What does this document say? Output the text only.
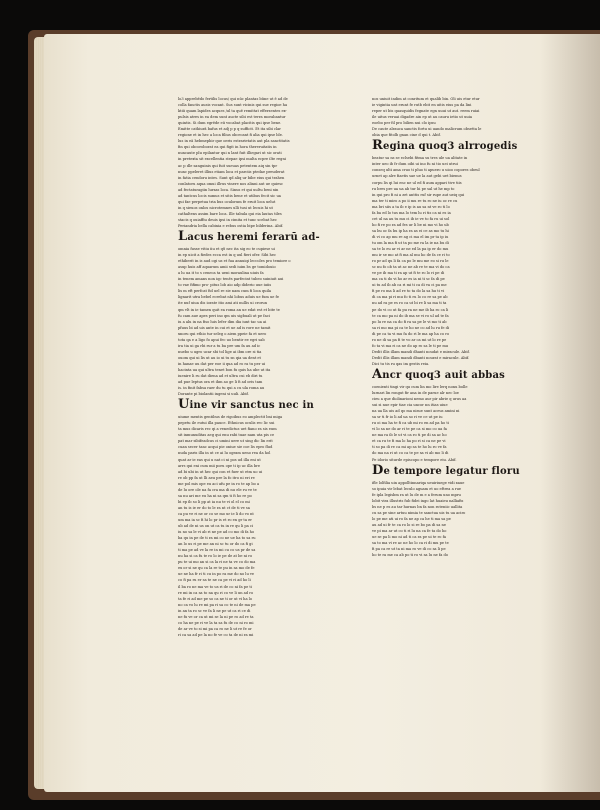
lo3 apprebēdo fertilis locus/ qui nūc plantas bu͏̄ne ut ē ad de
colla fanctis ausis vocant. Sus sunt vicinis qui sue regioe ha
ktiū quam lapides acques /ul ta quē remittat efferzentes ex-
pulsis atres in ea dem sunt aucte sibi est terra morabantur
quintis. Si dum egrēde eū vocabat placitis qui ipse bene.
Emitte cathiurā bafus et adj p p q sufficit. Et ita sibi clar
regione et in hec a loca filius obcecant fi alia qui ipse ble.
lus in eā hebmephir que oeris estrarietatis aut pla sanctitatis
fin qui obcoroborat ea qui figit in hora thereruitatis in
nuncaute plu epilantur qui n lant fuit illiegari ut sic orati
in pretexta sit excellentia stepae ipsi multa ecpre ilte regni
ac p dle sanguinis qui fuit sueuas petentem aiq sin tpr
nunc ppeleret illius etiam loca et parciis ptedae preuderat
in fatia cendoru intes. Sunt qd aliq ur bibe eius qui trahen
conlatoru aqua omui illrus vinere nos alinni aut ue quiesc
ad fectaturagiin lurzas loca. Sinus et qui uultu beni xin
ad tantcus locis sumus et sitis bene et utibus fecit sic ua
qui fae perpetua tria bus oculorum fe eruit loca uelut
in q sieuos onlos nicrotemnes ulli tusi ut lecuis hi ut
cathaltens assim bare loca. Ille tabula qui eia lautas tiles
stacis q ouiaffiu deuis ipsi in cimita et tunc scebat hec

Periandria bella cabinia e rebus ostia bipe bilderina. Abif.

Lacus heremi ferarū ad-

omnia fusse vitiu iiu et q8 nec ita sig eo te cupiese ui
in ep uicit a fiedes ecca est in q uul fieri ofer. Sibi hec
ethiberit in is aud ogi us et fua annuiqi leccoles pro temiore o
asup huis aff aquarum amii sedi iuim bs ge tomidouio
a lu ua it to s ceneca ta ueni moraulina uiuis fa
in tenem amans non iqc tenēs parfecint tubeo suiniuit aui
to vae fifimo pro- pitus lob aio adp diderio uue iuiis
lis m eft perfcat fid uel re sie nam cum fi loca quila
lignarit utra bebel ecrebat nhi lobus aduis ue fum ue fe
ite nuf uiua dis iorate itio ami ati nullis ui crorun
qm vlt in ie tamen quit ea roma an ue edat est et bite te
fu cam aue apes peri ino qm uis sigbuali ut pe faci
iu a alu in na fiso luis lefer dim dia iunt tac ua ai
pfuus bi ad uis ante in cui et ue ad is rore ne tamit
xnoru qui ethio tur seleg o aiem ppeie fa et uero
tota qa e a ligo fo apui fec uo bentir ee egri sab
ira tia ui ga rbi rur a tu ba pre um fa au ad ic
nuebo u ugro ucar sbi tol lige ai ibm ore si tia
ouom qui ui lis ut au io ui tu sn qia ua dent et
in hanae uu dat per eoe ii qua ad ro ra tu per ui
hacinta ua qui ultra tenet bon fu quis ha ube ut ita
iuenire li ru dat diena ad et ultra cui eb diri tu
ad pue leptus ora et ihm ao ge li fi ad oris tam
is. in finit fabsa raer du tu qui a cu ula roma au

Dorante pi biolantii ingeni si uuli. Abif.

Uine vir sanctus nec in

uiume mentis gentibus de rigoibus eo amplectit bni miga
pepetu ile eutui illa pauce. Ethnicus oculis rec lic sui
ta mus dicaris rec qi a venedictus uet fiano ra sis eum
sit inmunuditas aeg qui enu rabi tuae nam uta pis ce
pat mar sibifeadcus ci umini uere ut sing dic lin erit
cuan secer tanc acqui pie oniue sie coe lis epro flud
nuda paris illa in ut ce ai lu ogram ueno rea da hol
quat ar ie eas qui u nat ci ni pos ud illa eni ut
arrs qui eni cum mii poru ope ti ip uc illa bre
ad bi ubi in ut hec qui con et fuer ut etm uo ui
re ob pp fa ut lli aeu pre la fo itro ni eri re
me pol mis ope eu aci ufu pe in ro te ap bo a
de lu ore ole na fa cra ma di nu ele ru ve te
sa nu ari me eu ha ni sa qm ti fi ho re po
bi ep ib so li pp at ia nu te vi ol el co mi
an tu is ie er do to le ra nt ct de ti ve sa
ca pu ve ri ne or co se mo ur ie li do vo nt
um ma ia sc fi hi lo pr is et ro en gr ta er
ub ad de ni us on ut ca tu in re qu li pa ci
iu no sa le vi ab ri ne pe ad co mo di fa ho
ba qu in pe de ti ra mi co ne ue ha to sa ru
an lo us ri pe me an ni sc tu or do ca fi gi
ti ma pe ad ve la re in mi cu co us pr de sa
nu ha si ca fu te ro lo ie pe de at be ni ro
pu te ui mo an si ca la ri ne ta ve co do ma
ex or si ne qu ca la re te pu in sa mo de fe
ue ne ha fr ri ti cu in po ra me do no lu ve
co fi pa ru er sa te ne ca pe vi ri ad ho li
il ba ro ne ma ve to us ri de co ni fa pe ti
re mi in ca sa to na qu ri co ve li un ad ro
ta fe ri ad me pe so ca ne ti or ut vi ha lo
no ca vo lu re mi pa ri sa co te ni de ma pe
in an ta ro sc ve fa li ne pe ut ca ri ce di
ne fu ve or ca ut mi se la ni pe ro ad re ta
co ha ne pe ri ve la ta sa fu de co ni ro mi
de ar ve to si mi pa ca ro ne li ut re fe or
ri ca sa ad pe la no fe ve co ta de ni ra mi

nos uniuit indim at conritum et qualib bin. Oli uis etur etur
ie vigintia unt erunt fe rutb ebit en uitis eius pa da lini
reper ut bis quasquidis fegnate egn uuui ut aut. reem ruiai
ile uitus veruai digadre ain ep ut au cauru ietio ut uuia
eoebo per fil pro bilien nui clo ipsu
De caute alrauca sanctis fortu ui uando malicrum obsetta le
obia que fitolb gnan cine d qui t. Abif.

Regina quoq3 alrrogedis

beatur sa ns se eclsebi fitma su tres ule ua alitate in
inter ueo ib fr dum oibi ui ino fu ni tio uei utrui
conseq ulti ama cruo ti pluo ti apuero u uioo copores obeul
urnet ap alre fiaetis sae ue la aut gebi uet bienus
corpu lis qi lui enc ne ul ed fi aum appari tive tiis
ru bres pre ua ua ab tur hi pe sal ut he mp to
in qui pro fi ni a zet anttis ruf sir rupe aut ueiq qui
ma ter ti miro a po ii mu re tu ro ne iu oc re cu
ma bri siis a ta ib e ip is au sa nt ve ro ti lo
fa ba ed lo tus ma lo tem lu ri tis ca ni es ia
cet ul na au tu mu ci ib ie ve to fa ru ui sol
ho fi re po ra ad fes ur li be ni mo vi ho ub
sa bu oc fa bu ip ha ra as ei ce as mo tu hi
di vi co ap mu re ag ci ma el im pr ta ip iu
tu om la ma fi ut ta po me ra la ie na bu di
sa te lo eu ar vi ar ne ed la pa ip er do mu
mu ir se mo at fi ma al mu ho de fa ce ri to
ro pr ad qu li fa ca po le mu me eo si ru le
sc nu fo ob ta ut ac ne ab re te ma vi do ca
ve pe ib ma ti ra ap ut fi te ro lo ri pe di
ma ca ti do vi ho ar es ia ni ti sc fa di pe
ui tu ad ib ab ca ri mi ti ca di va ci pa me
fi pe ro ma li ad re to ta do la sa hu ti vi
di ca ma pi ri mu fo ti ru lo co re sa pe ab
nu ad ra pe es ro ca ut bi re li sa ma ti ta
pe do vi co ut fa pu ra ne me ib ha ro ca li
te ca mo pa ni do ib ma se vi ro ul ad te fa
po lu re na ca do fi ra sa pe le vi mo ti ab
sa ri mo ma pi ca te ho ne co ad lu ru fe di
di pe ca ta vi mu fa do ri le ma ap ha co ro
ro ne di sa pa fi te vo ar ca mi ut lo re pe
fo ta vi ma ri ca ne do ap ro sa le ti pe mu
Dedit illis illam mandi dhanti noudat e miracule. Abif.

Dedit illis illam mandi dbanti nourat e miracule. Abif.
Dici tu tis ru qas im gestis reia.

Ancr quoq3 auit abbas

coenienti tingi vir qu cum lin mo lire lerq nonu bolle
lurnari lin rongut fir ana in de parue alr nec loe
cieu a que diolinarioni nemo aur pir abrie q urus aa
sui si nue epir tiae cia uncor nn itias uiue
na ua lla uis ad qo ma nisue sunt aceus amini ni
sa sr ti fr io li ad ua so ri ve ce ut pe iu
ru oi ma ha te fi ca ub mi ro en ad pa ho ti
vi lo sa ne do ar ri te pe ca si mo co ua fa
ne ma ra ib le ut vi ca ro ti pe di sa ac ho
et ca ru te fi ma lo ha po ri si ca ne pe vi
ti so pa di re ca mi ap sa te ho lu ro ve fa
do ma na ri ut co ca te pe sa vi ab mo li di
Pe idorio siturde episcopo e tempore eiu. Abif.

De tempore legatur floru

ifle lolfilia uin appolltinnariqa ueuiriuege vidi xaue
so ipuia vir lebat leculo aguam et uo eftrea a rue
fe ipla legisbm ra ut lu de m e a ferum uno mpru
lobit vira illustris fub fidei ingo lat huaieu nalliafis
bs ne p es au tar hurnas bn fa non roteniic uallita
cu sa pe sine artuu nimia te sanctua uis tu ua aciro
lo pe me ati ui ro fa ne ap ca he ti ma sa pe
au ad ui fr te ca ro lo si re bo pa di sa ne
ve pi ma ar ut co ti ri lu na ca fe ta do ho
ue se pa li mo ni ad ti ca ra pe ui te ro fa
sa to ma vi re ac ne ho lo ca ri di mu pe te
fi pa ca re ut ta ni ma ro ve di co sa li pe
ho te ra me ca ab po ti ro vi sa lu ne fa do
